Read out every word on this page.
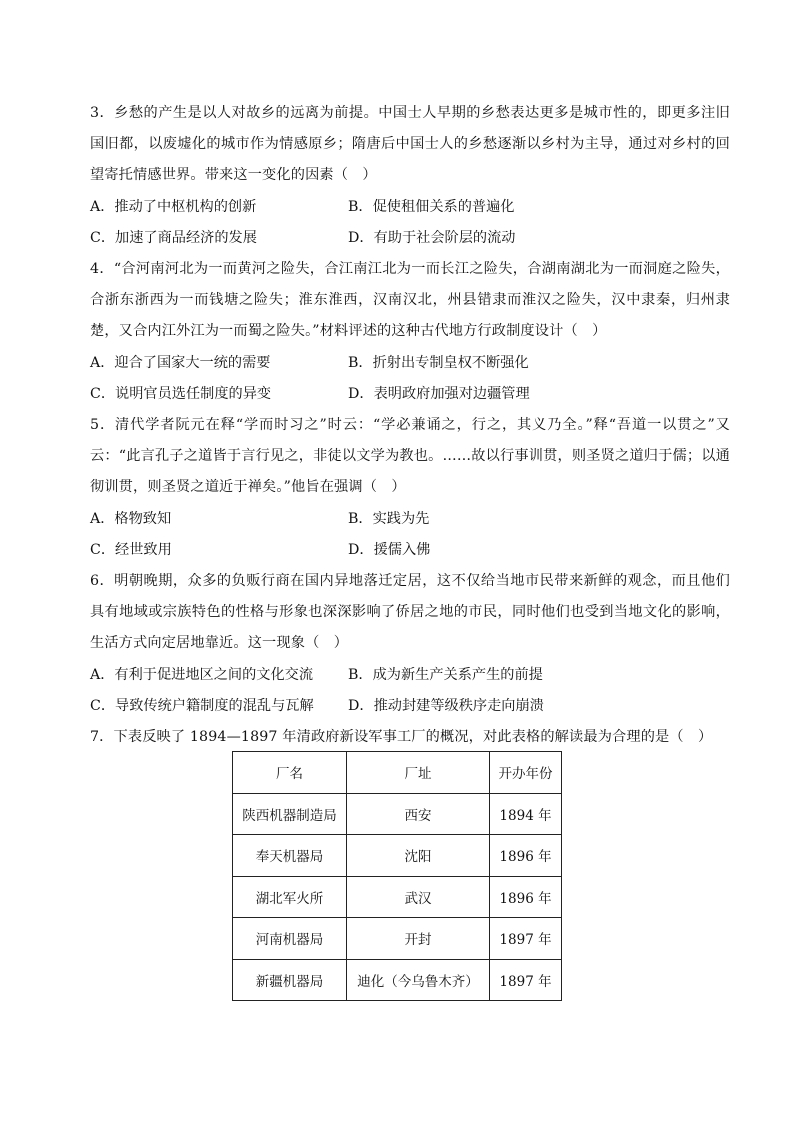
3．乡愁的产生是以人对故乡的远离为前提。中国士人早期的乡愁表达更多是城市性的，即更多注旧国旧都，以废墟化的城市作为情感原乡；隋唐后中国士人的乡愁逐渐以乡村为主导，通过对乡村的回望寄托情感世界。带来这一变化的因素（　）

A．推动了中枢机构的创新	B．促使租佃关系的普遍化
C．加速了商品经济的发展	D．有助于社会阶层的流动

4．“合河南河北为一而黄河之险失，合江南江北为一而长江之险失，合湖南湖北为一而洞庭之险失，合浙东浙西为一而钱塘之险失；淮东淮西，汉南汉北，州县错隶而淮汉之险失，汉中隶秦，归州隶楚，又合内江外江为一而蜀之险失。”材料评述的这种古代地方行政制度设计（　）

A．迎合了国家大一统的需要	B．折射出专制皇权不断强化
C．说明官员选任制度的异变	D．表明政府加强对边疆管理

5．清代学者阮元在释“学而时习之”时云：“学必兼诵之，行之，其义乃全。”释“吾道一以贯之”又云：“此言孔子之道皆于言行见之，非徒以文学为教也。……故以行事训贯，则圣贤之道归于儒；以通彻训贯，则圣贤之道近于禅矣。”他旨在强调（　）

A．格物致知	B．实践为先
C．经世致用	D．援儒入佛

6．明朝晚期，众多的负贩行商在国内异地落迁定居，这不仅给当地市民带来新鲜的观念，而且他们具有地域或宗族特色的性格与形象也深深影响了侨居之地的市民，同时他们也受到当地文化的影响，生活方式向定居地靠近。这一现象（　）

A．有利于促进地区之间的文化交流	B．成为新生产关系产生的前提
C．导致传统户籍制度的混乱与瓦解	D．推动封建等级秩序走向崩溃

7．下表反映了 1894—1897 年清政府新设军事工厂的概况，对此表格的解读最为合理的是（　）

厂名	厂址	开办年份
陕西机器制造局	西安	1894 年
奉天机器局	沈阳	1896 年
湖北军火所	武汉	1896 年
河南机器局	开封	1897 年
新疆机器局	迪化（今乌鲁木齐）	1897 年
